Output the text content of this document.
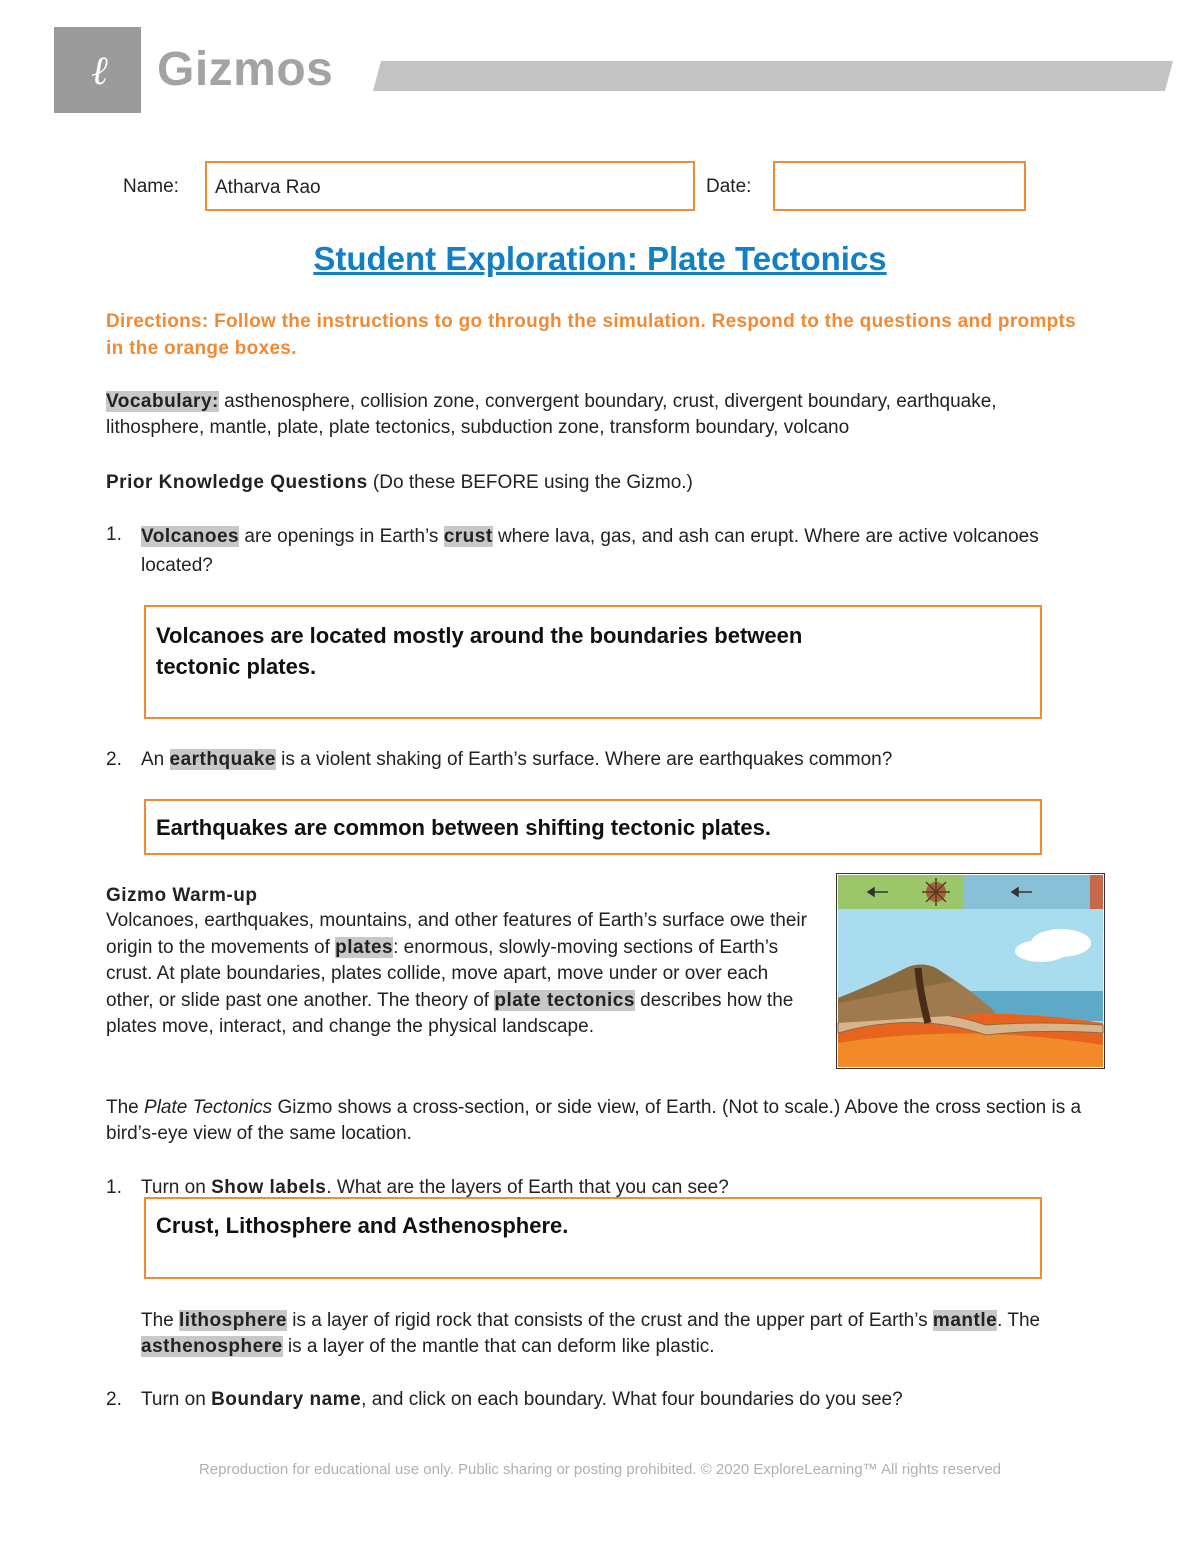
ℓ Gizmos
Name:	Atharva Rao	Date:
Student Exploration: Plate Tectonics
Directions: Follow the instructions to go through the simulation. Respond to the questions and prompts in the orange boxes.
Vocabulary: asthenosphere, collision zone, convergent boundary, crust, divergent boundary, earthquake, lithosphere, mantle, plate, plate tectonics, subduction zone, transform boundary, volcano
Prior Knowledge Questions (Do these BEFORE using the Gizmo.)
1. Volcanoes are openings in Earth’s crust where lava, gas, and ash can erupt. Where are active volcanoes located?
Volcanoes are located mostly around the boundaries between tectonic plates.
2. An earthquake is a violent shaking of Earth’s surface. Where are earthquakes common?
Earthquakes are common between shifting tectonic plates.
Gizmo Warm-up
Volcanoes, earthquakes, mountains, and other features of Earth’s surface owe their origin to the movements of plates: enormous, slowly-moving sections of Earth’s crust. At plate boundaries, plates collide, move apart, move under or over each other, or slide past one another. The theory of plate tectonics describes how the plates move, interact, and change the physical landscape.
The Plate Tectonics Gizmo shows a cross-section, or side view, of Earth. (Not to scale.) Above the cross section is a bird’s-eye view of the same location.
1. Turn on Show labels. What are the layers of Earth that you can see?
Crust, Lithosphere and Asthenosphere.
The lithosphere is a layer of rigid rock that consists of the crust and the upper part of Earth’s mantle. The asthenosphere is a layer of the mantle that can deform like plastic.
2. Turn on Boundary name, and click on each boundary. What four boundaries do you see?
Reproduction for educational use only. Public sharing or posting prohibited. © 2020 ExploreLearning™ All rights reserved
